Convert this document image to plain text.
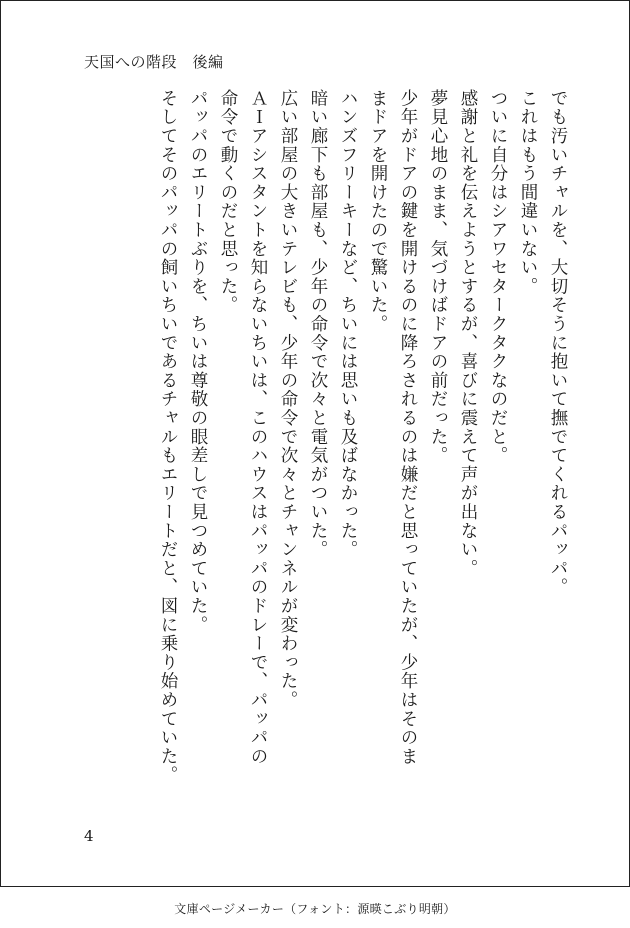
天国への階段　後編
でも汚いチャルを、大切そうに抱いて撫でてくれるパッパ。
これはもう間違いない。
ついに自分はシアワセタークタクなのだと。
感謝と礼を伝えようとするが、喜びに震えて声が出ない。
夢見心地のまま、気づけばドアの前だった。
少年がドアの鍵を開けるのに降ろされるのは嫌だと思っていたが、少年はそのま
まドアを開けたので驚いた。
ハンズフリーキーなど、ちいには思いも及ばなかった。
暗い廊下も部屋も、少年の命令で次々と電気がついた。
広い部屋の大きいテレビも、少年の命令で次々とチャンネルが変わった。
ＡＩアシスタントを知らないちいは、このハウスはパッパのドレーで、パッパの
命令で動くのだと思った。
パッパのエリートぶりを、ちいは尊敬の眼差しで見つめていた。
そしてそのパッパの飼いちいであるチャルもエリートだと、図に乗り始めていた。
4
文庫ページメーカー（フォント：源暎こぶり明朝）
